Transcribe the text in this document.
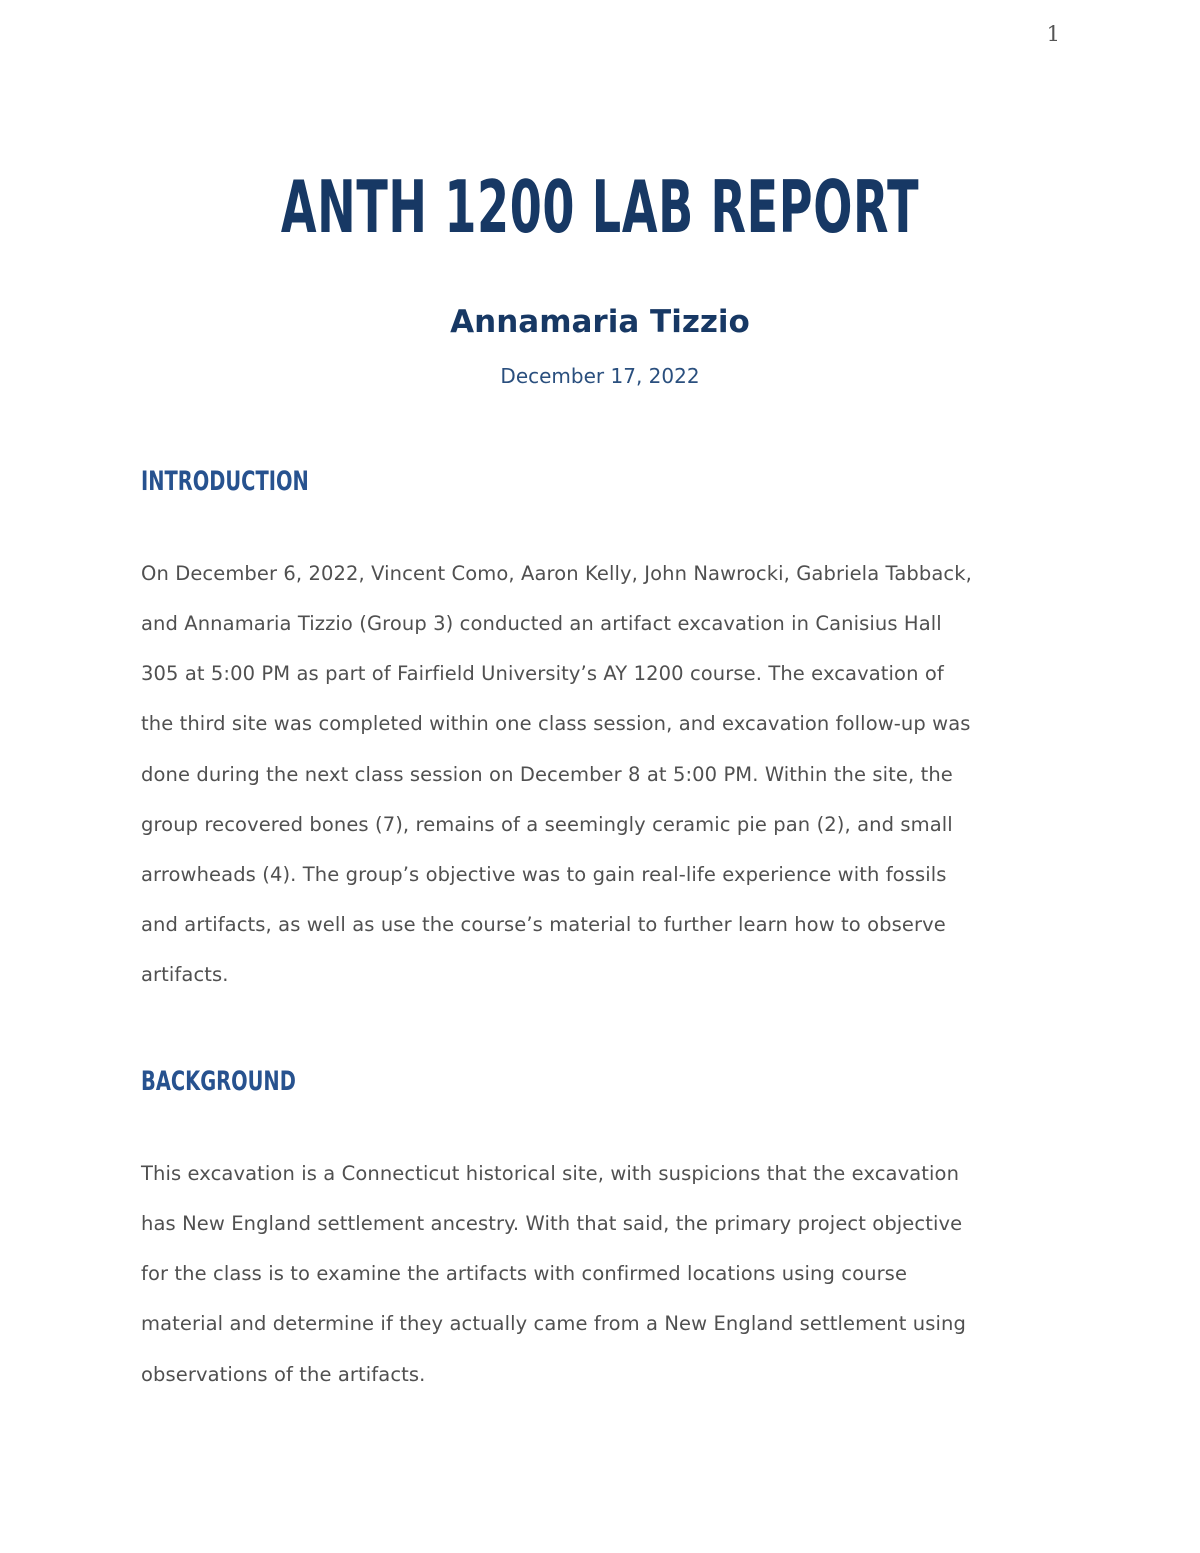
1
ANTH 1200 LAB REPORT
Annamaria Tizzio
December 17, 2022
INTRODUCTION
On December 6, 2022, Vincent Como, Aaron Kelly, John Nawrocki, Gabriela Tabback,
and Annamaria Tizzio (Group 3) conducted an artifact excavation in Canisius Hall
305 at 5:00 PM as part of Fairfield University’s AY 1200 course. The excavation of
the third site was completed within one class session, and excavation follow-up was
done during the next class session on December 8 at 5:00 PM. Within the site, the
group recovered bones (7), remains of a seemingly ceramic pie pan (2), and small
arrowheads (4). The group’s objective was to gain real-life experience with fossils
and artifacts, as well as use the course’s material to further learn how to observe
artifacts.
BACKGROUND
This excavation is a Connecticut historical site, with suspicions that the excavation
has New England settlement ancestry. With that said, the primary project objective
for the class is to examine the artifacts with confirmed locations using course
material and determine if they actually came from a New England settlement using
observations of the artifacts.
